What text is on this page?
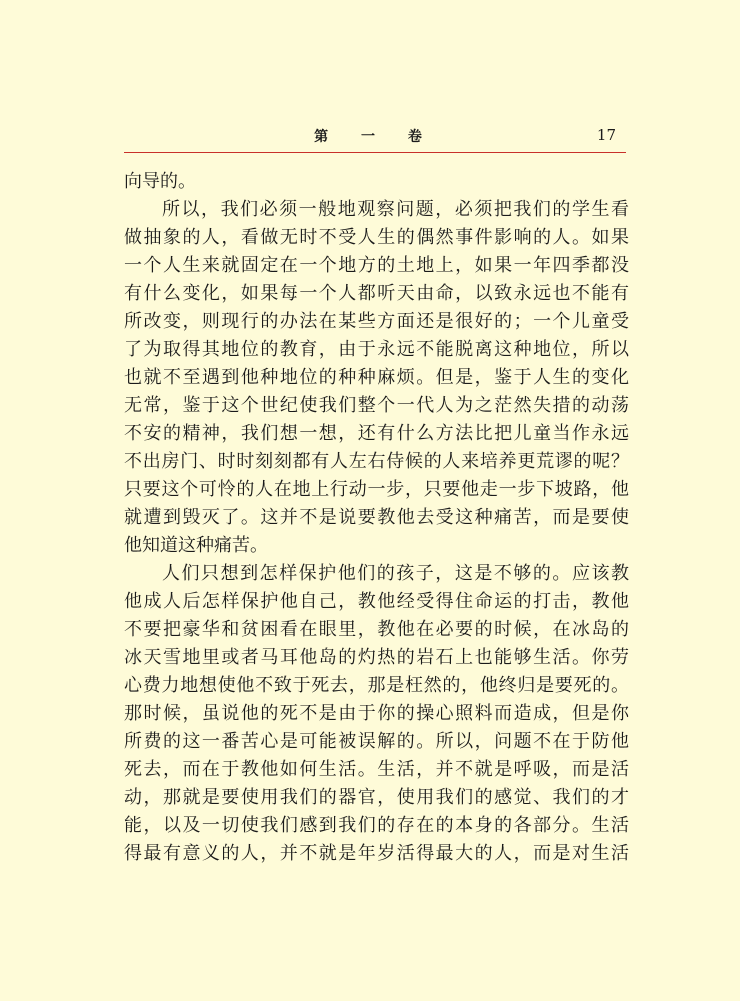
第 一 卷	17
向导的。
所以，我们必须一般地观察问题，必须把我们的学生看
做抽象的人，看做无时不受人生的偶然事件影响的人。如果
一个人生来就固定在一个地方的土地上，如果一年四季都没
有什么变化，如果每一个人都听天由命，以致永远也不能有
所改变，则现行的办法在某些方面还是很好的；一个儿童受
了为取得其地位的教育，由于永远不能脱离这种地位，所以
也就不至遇到他种地位的种种麻烦。但是，鉴于人生的变化
无常，鉴于这个世纪使我们整个一代人为之茫然失措的动荡
不安的精神，我们想一想，还有什么方法比把儿童当作永远
不出房门、时时刻刻都有人左右侍候的人来培养更荒谬的呢？
只要这个可怜的人在地上行动一步，只要他走一步下坡路，他
就遭到毁灭了。这并不是说要教他去受这种痛苦，而是要使
他知道这种痛苦。
人们只想到怎样保护他们的孩子，这是不够的。应该教
他成人后怎样保护他自己，教他经受得住命运的打击，教他
不要把豪华和贫困看在眼里，教他在必要的时候，在冰岛的
冰天雪地里或者马耳他岛的灼热的岩石上也能够生活。你劳
心费力地想使他不致于死去，那是枉然的，他终归是要死的。
那时候，虽说他的死不是由于你的操心照料而造成，但是你
所费的这一番苦心是可能被误解的。所以，问题不在于防他
死去，而在于教他如何生活。生活，并不就是呼吸，而是活
动，那就是要使用我们的器官，使用我们的感觉、我们的才
能，以及一切使我们感到我们的存在的本身的各部分。生活
得最有意义的人，并不就是年岁活得最大的人，而是对生活
